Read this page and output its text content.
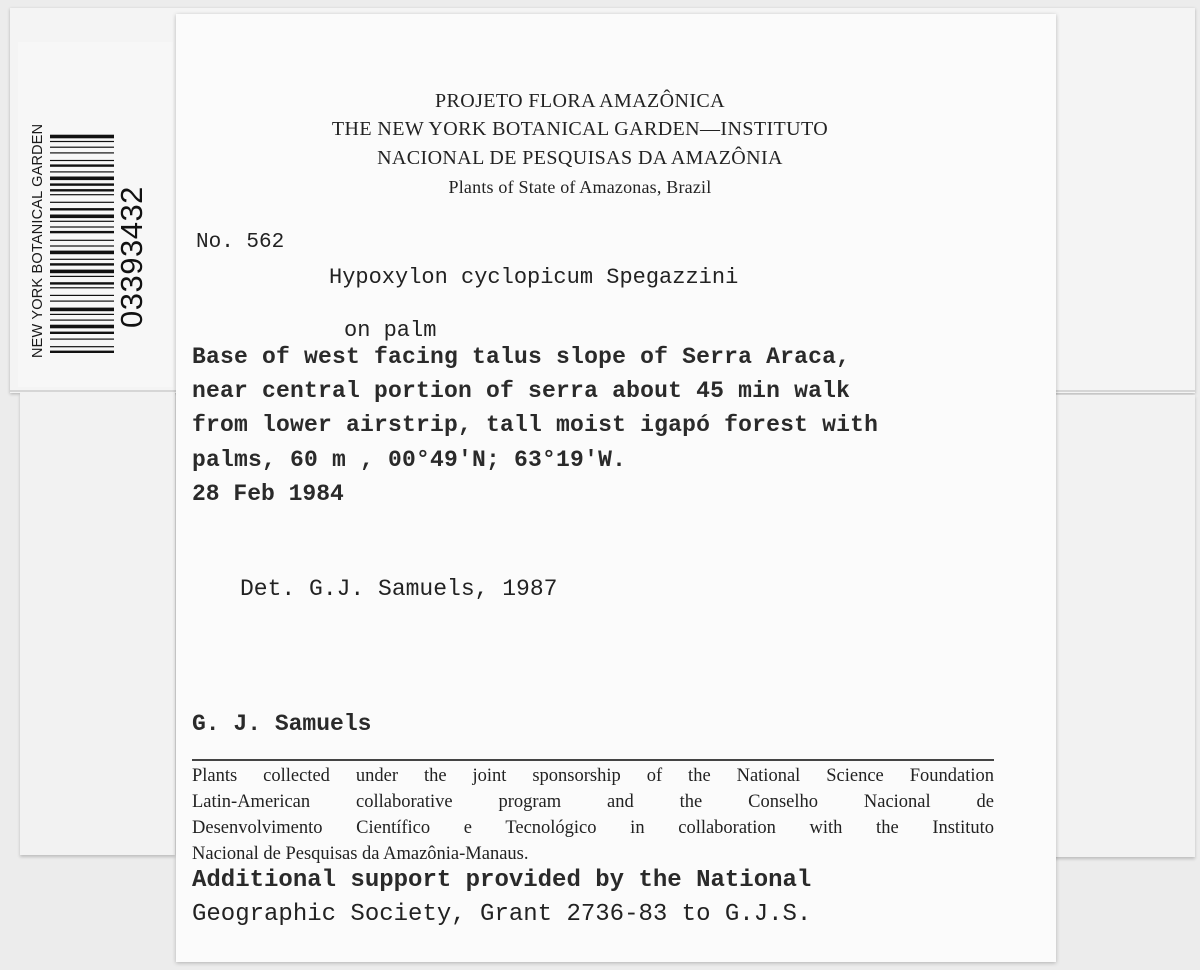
NEW YORK BOTANICAL GARDEN 03393432
PROJETO FLORA AMAZÔNICA
THE NEW YORK BOTANICAL GARDEN—INSTITUTO
NACIONAL DE PESQUISAS DA AMAZÔNIA
Plants of State of Amazonas, Brazil
No. 562
Hypoxylon cyclopicum Spegazzini
on palm
Base of west facing talus slope of Serra Araca,
near central portion of serra about 45 min walk
from lower airstrip, tall moist igapó forest with
palms, 60 m , 00°49'N; 63°19'W.
28 Feb 1984
Det. G.J. Samuels, 1987
G. J. Samuels
Plants collected under the joint sponsorship of the National Science Foundation
Latin-American collaborative program and the Conselho Nacional de
Desenvolvimento Científico e Tecnológico in collaboration with the Instituto
Nacional de Pesquisas da Amazônia-Manaus.
Additional support provided by the National
Geographic Society, Grant 2736-83 to G.J.S.
